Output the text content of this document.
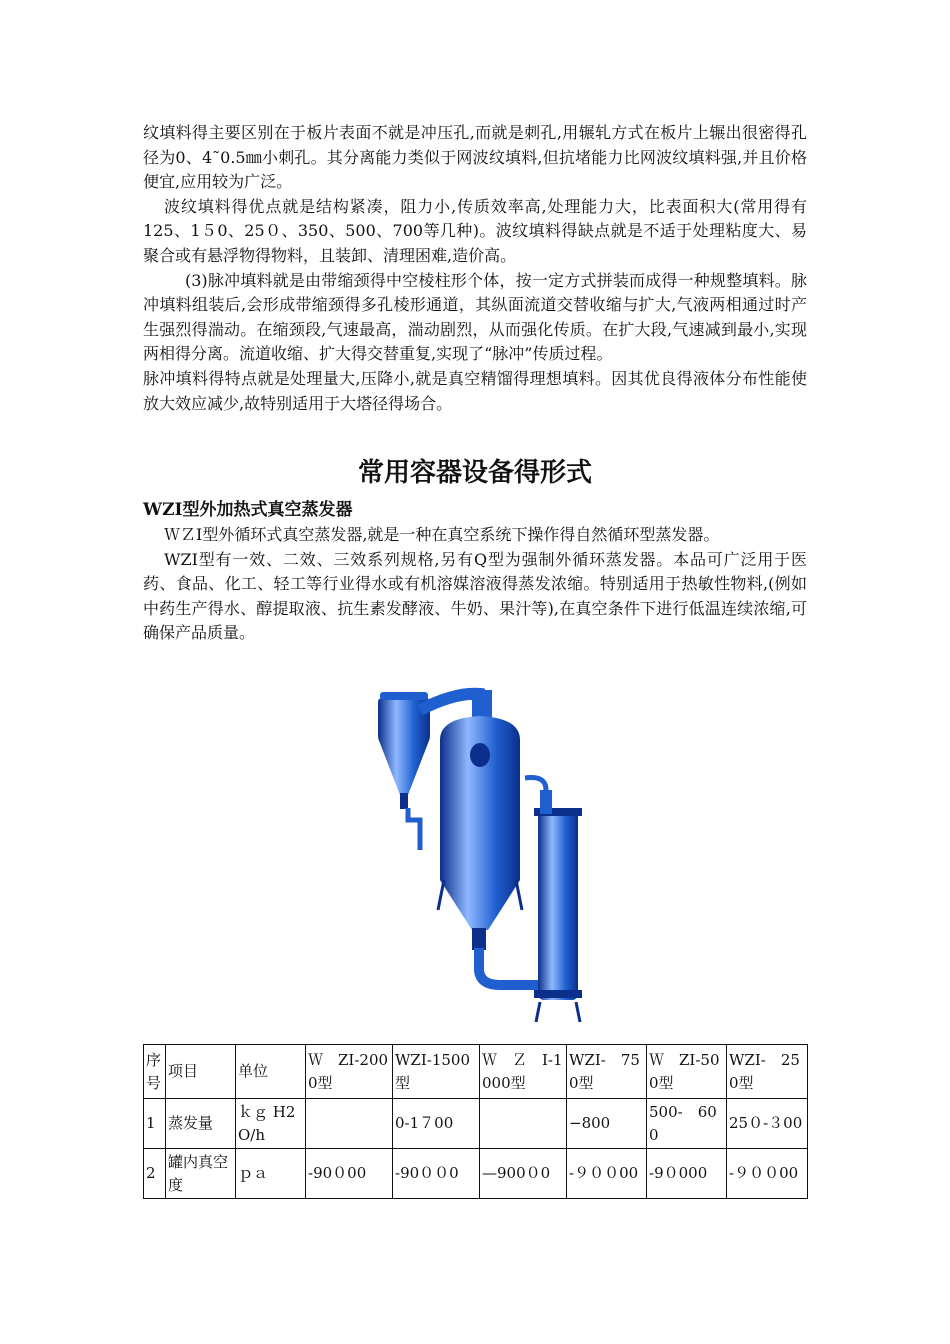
纹填料得主要区别在于板片表面不就是冲压孔,而就是刺孔,用辗轧方式在板片上辗出很密得孔径为0、4˜0.5㎜小刺孔。其分离能力类似于网波纹填料,但抗堵能力比网波纹填料强,并且价格便宜,应用较为广泛。

波纹填料得优点就是结构紧凑，阻力小,传质效率高,处理能力大，比表面积大(常用得有125、1５0、25０、350、500、700等几种)。波纹填料得缺点就是不适于处理粘度大、易聚合或有悬浮物得物料，且装卸、清理困难,造价高。

(3)脉冲填料就是由带缩颈得中空棱柱形个体，按一定方式拼装而成得一种规整填料。脉冲填料组装后,会形成带缩颈得多孔棱形通道，其纵面流道交替收缩与扩大,气液两相通过时产生强烈得湍动。在缩颈段,气速最高，湍动剧烈，从而强化传质。在扩大段,气速减到最小,实现两相得分离。流道收缩、扩大得交替重复,实现了“脉冲”传质过程。

脉冲填料得特点就是处理量大,压降小,就是真空精馏得理想填料。因其优良得液体分布性能使放大效应减少,故特别适用于大塔径得场合。

常用容器设备得形式
WZⅠ型外加热式真空蒸发器

ＷＺⅠ型外循环式真空蒸发器,就是一种在真空系统下操作得自然循环型蒸发器。

WZI型有一效、二效、三效系列规格,另有Q型为强制外循环蒸发器。本品可广泛用于医药、食品、化工、轻工等行业得水或有机溶媒溶液得蒸发浓缩。特别适用于热敏性物料,(例如中药生产得水、醇提取液、抗生素发酵液、牛奶、果汁等),在真空条件下进行低温连续浓缩,可确保产品质量。

序号	项目	单位	Ｗ　ZI-2000型	WZI-1500型	Ｗ　Ｚ　I-1000型	WZI-　750型	Ｗ　ZI-500型	WZI-　250型
1	蒸发量	ｋｇ H2O/h		0-1７00		−800	500-　600	25０-３00
2	罐内真空度	ｐａ	-90０00	-90００0	—900０0	-９００00	-9０000	-９００00
